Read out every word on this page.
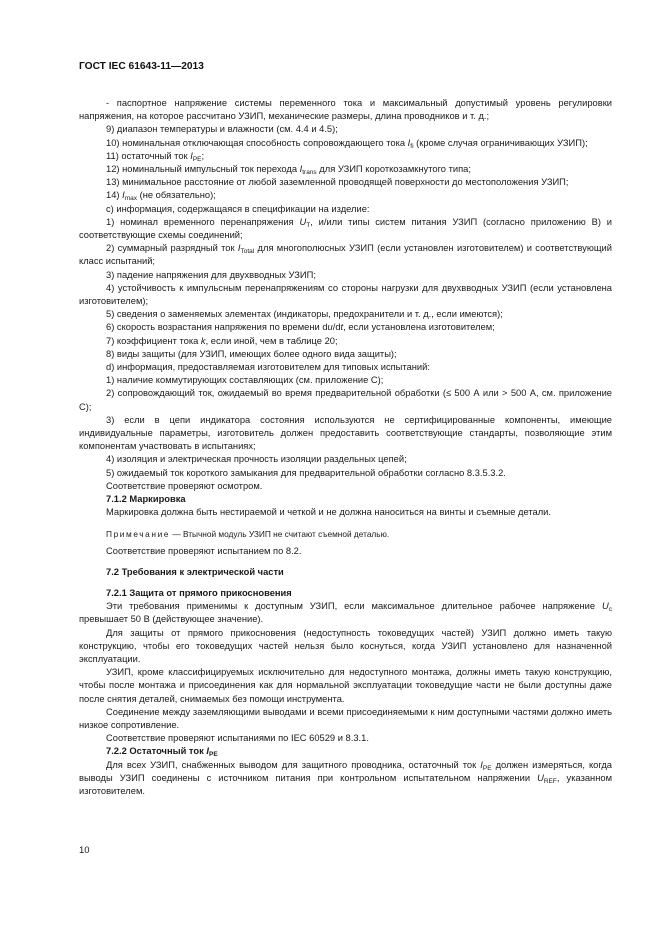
ГОСТ IEC 61643-11—2013

- паспортное напряжение системы переменного тока и максимальный допустимый уровень регулировки напряжения, на которое рассчитано УЗИП, механические размеры, длина проводников и т. д.;

9) диапазон температуры и влажности (см. 4.4 и 4.5);

10) номинальная отключающая способность сопровождающего тока $I_{fi}$ (кроме случая ограничивающих УЗИП);

11) остаточный ток $I_{PE}$;

12) номинальный импульсный ток перехода $I_{trans}$ для УЗИП короткозамкнутого типа;

13) минимальное расстояние от любой заземленной проводящей поверхности до местоположения УЗИП;

14) $I_{max}$ (не обязательно);

c) информация, содержащаяся в спецификации на изделие:

1) номинал временного перенапряжения $U_T$, и/или типы систем питания УЗИП (согласно приложению В) и соответствующие схемы соединений;

2) суммарный разрядный ток $I_{Total}$ для многополюсных УЗИП (если установлен изготовителем) и соответствующий класс испытаний;

3) падение напряжения для двухвводных УЗИП;

4) устойчивость к импульсным перенапряжениям со стороны нагрузки для двухвводных УЗИП (если установлена изготовителем);

5) сведения о заменяемых элементах (индикаторы, предохранители и т. д., если имеются);

6) скорость возрастания напряжения по времени du/dt, если установлена изготовителем;

7) коэффициент тока k, если иной, чем в таблице 20;

8) виды защиты (для УЗИП, имеющих более одного вида защиты);

d) информация, предоставляемая изготовителем для типовых испытаний:

1) наличие коммутирующих составляющих (см. приложение С);

2) сопровождающий ток, ожидаемый во время предварительной обработки (≤ 500 А или > 500 А, см. приложение С);

3) если в цепи индикатора состояния используются не сертифицированные компоненты, имеющие индивидуальные параметры, изготовитель должен предоставить соответствующие стандарты, позволяющие этим компонентам участвовать в испытаниях;

4) изоляция и электрическая прочность изоляции раздельных цепей;

5) ожидаемый ток короткого замыкания для предварительной обработки согласно 8.3.5.3.2.

Соответствие проверяют осмотром.

7.1.2 Маркировка

Маркировка должна быть нестираемой и четкой и не должна наноситься на винты и съемные детали.

Примечание — Втычной модуль УЗИП не считают съемной деталью.

Соответствие проверяют испытанием по 8.2.

7.2 Требования к электрической части

7.2.1 Защита от прямого прикосновения

Эти требования применимы к доступным УЗИП, если максимальное длительное рабочее напряжение $U_c$ превышает 50 В (действующее значение).

Для защиты от прямого прикосновения (недоступность токоведущих частей) УЗИП должно иметь такую конструкцию, чтобы его токоведущих частей нельзя было коснуться, когда УЗИП установлено для назначенной эксплуатации.

УЗИП, кроме классифицируемых исключительно для недоступного монтажа, должны иметь такую конструкцию, чтобы после монтажа и присоединения как для нормальной эксплуатации токоведущие части не были доступны даже после снятия деталей, снимаемых без помощи инструмента.

Соединение между заземляющими выводами и всеми присоединяемыми к ним доступными частями должно иметь низкое сопротивление.

Соответствие проверяют испытаниями по IEC 60529 и 8.3.1.

7.2.2 Остаточный ток $I_{PE}$

Для всех УЗИП, снабженных выводом для защитного проводника, остаточный ток $I_{PE}$ должен измеряться, когда выводы УЗИП соединены с источником питания при контрольном испытательном напряжении $U_{REF}$, указанном изготовителем.

10
